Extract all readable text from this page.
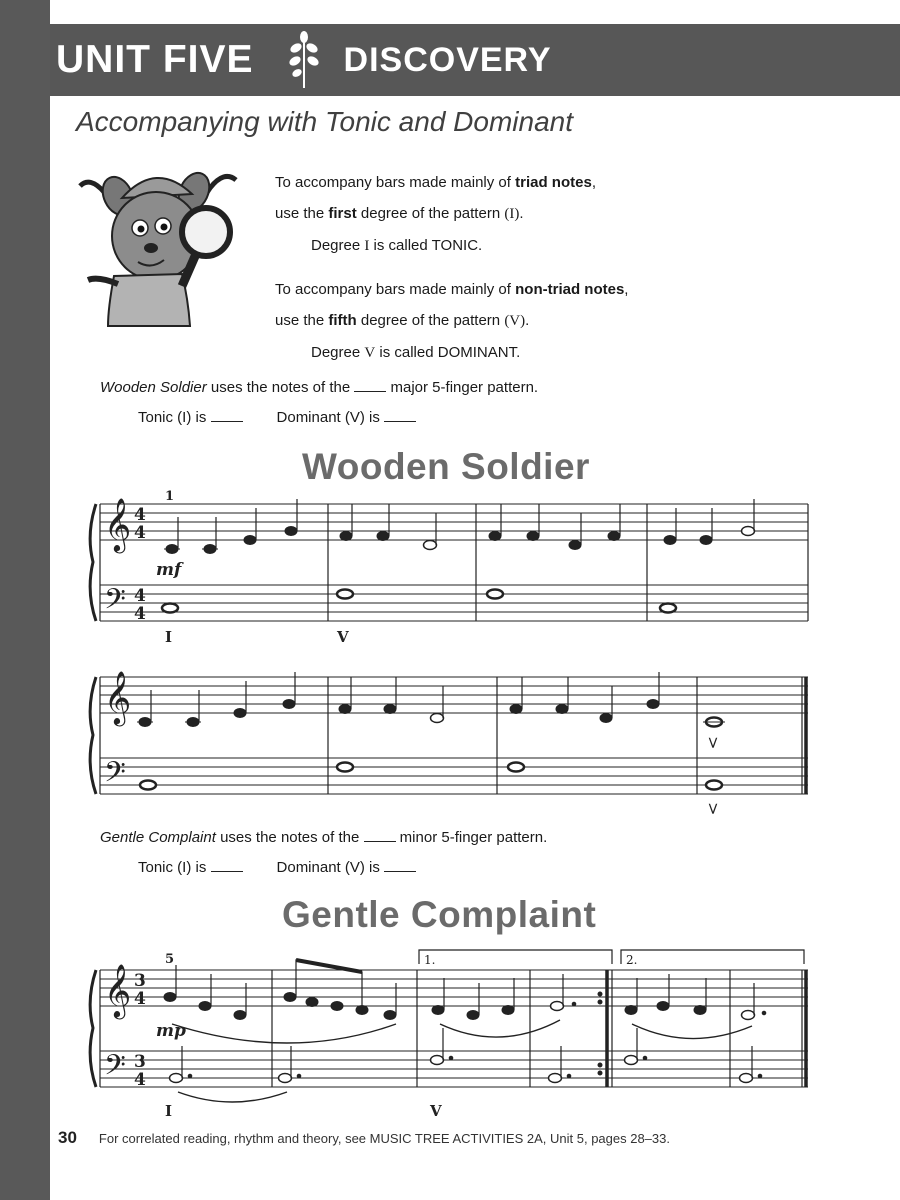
UNIT FIVE	DISCOVERY
Accompanying with Tonic and Dominant

To accompany bars made mainly of triad notes,

use the first degree of the pattern (I).

Degree I is called TONIC.

To accompany bars made mainly of non-triad notes,

use the fifth degree of the pattern (V).

Degree V is called DOMINANT.

Wooden Soldier uses the notes of the  major 5-finger pattern.
Tonic (I) is	Dominant (V) is
Wooden Soldier
Gentle Complaint uses the notes of the  minor 5-finger pattern.
Tonic (I) is	Dominant (V) is
Gentle Complaint
𝄞
𝄢
𝄞
𝄢
𝄞
𝄢
4
4
4
4
3
4
3
4
1
mf
I	V
>
>
5
mp
1.	2.
I	V
30 For correlated reading, rhythm and theory, see MUSIC TREE ACTIVITIES 2A, Unit 5, pages 28–33.
